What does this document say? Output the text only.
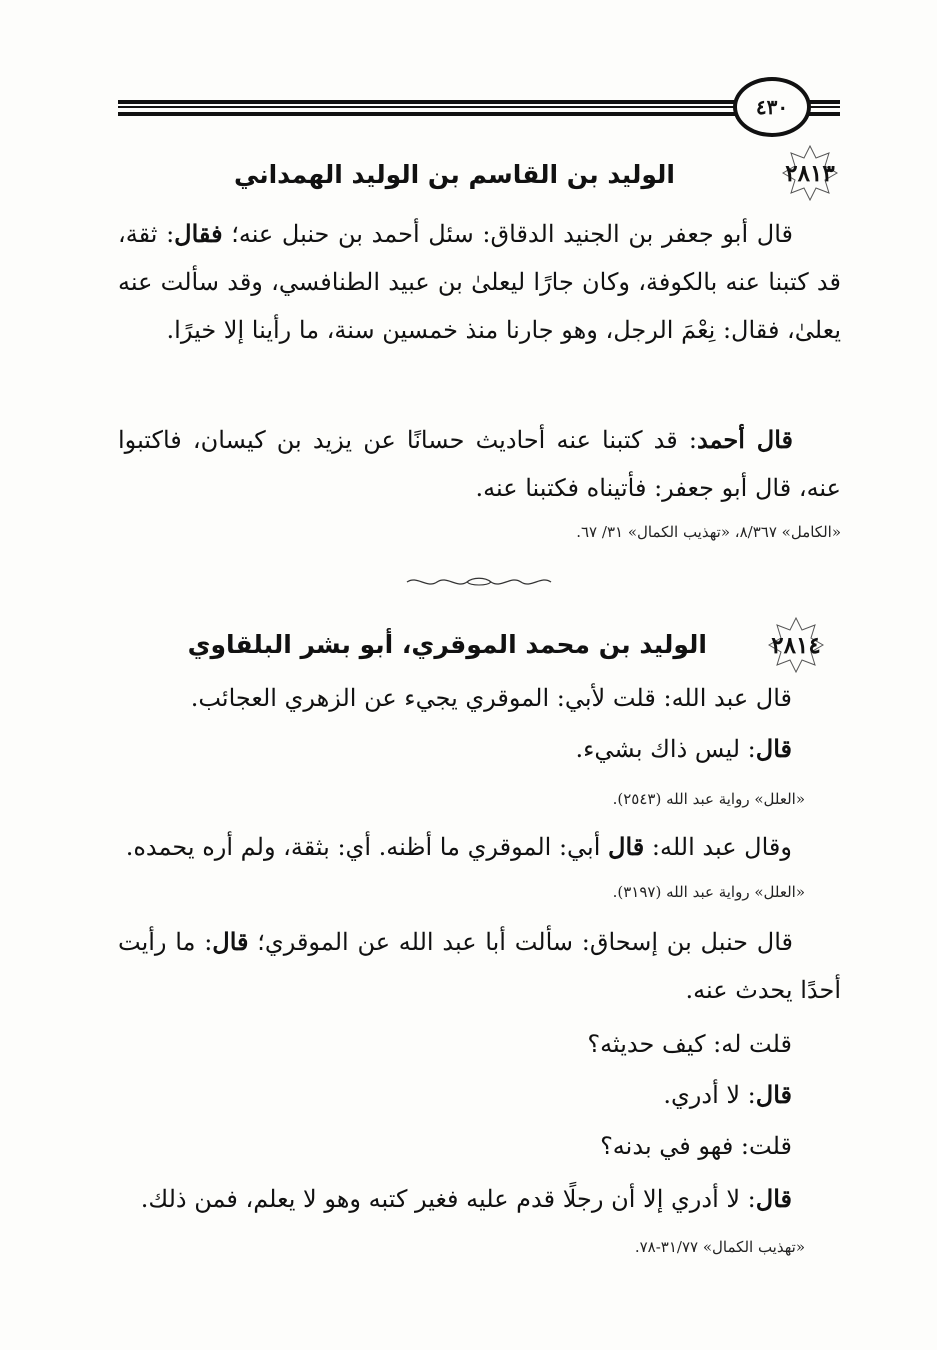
٤٣٠
٢٨١٣
الوليد بن القاسم بن الوليد الهمداني
قال أبو جعفر بن الجنيد الدقاق: سئل أحمد بن حنبل عنه؛ فقال: ثقة، قد كتبنا عنه بالكوفة، وكان جارًا ليعلىٰ بن عبيد الطنافسي، وقد سألت عنه يعلىٰ، فقال: نِعْمَ الرجل، وهو جارنا منذ خمسين سنة، ما رأينا إلا خيرًا.
قال أحمد: قد كتبنا عنه أحاديث حسانًا عن يزيد بن كيسان، فاكتبوا عنه، قال أبو جعفر: فأتيناه فكتبنا عنه.
«الكامل» ٨/٣٦٧، «تهذيب الكمال» ٣١/ ٦٧.
٢٨١٤
الوليد بن محمد الموقري، أبو بشر البلقاوي
قال عبد الله: قلت لأبي: الموقري يجيء عن الزهري العجائب.
قال: ليس ذاك بشيء.
«العلل» رواية عبد الله (٢٥٤٣).
وقال عبد الله: قال أبي: الموقري ما أظنه. أي: بثقة، ولم أره يحمده.
«العلل» رواية عبد الله (٣١٩٧).
قال حنبل بن إسحاق: سألت أبا عبد الله عن الموقري؛ قال: ما رأيت أحدًا يحدث عنه.
قلت له: كيف حديثه؟
قال: لا أدري.
قلت: فهو في بدنه؟
قال: لا أدري إلا أن رجلًا قدم عليه فغير كتبه وهو لا يعلم، فمن ذلك.
«تهذيب الكمال» ٣١/٧٧-٧٨.
